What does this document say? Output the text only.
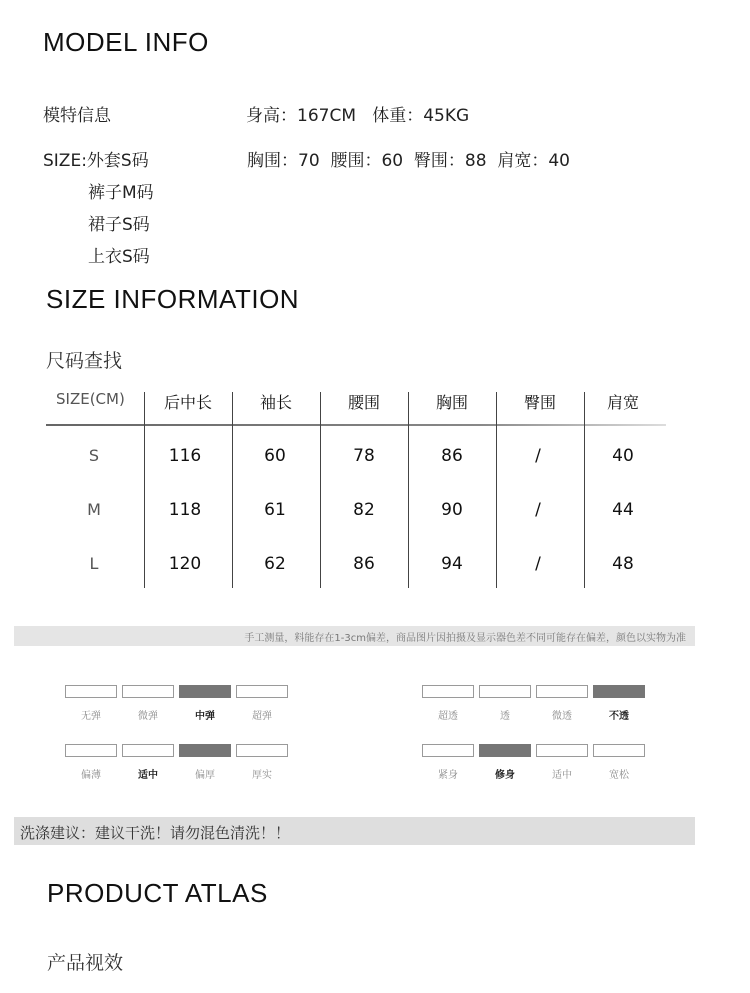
MODEL INFO
模特信息	身高：167CM   体重：45KG
SIZE:外套S码	胸围：70  腰围：60  臀围：88  肩宽：40
裤子M码
裙子S码
上衣S码
SIZE INFORMATION
尺码查找
SIZE(CM)	后中长	袖长	腰围	胸围	臀围	肩宽
S	116	60	78	86	/	40
M	118	61	82	90	/	44
L	120	62	86	94	/	48
手工测量，料能存在1-3cm偏差，商品图片因拍摄及显示器色差不同可能存在偏差，颜色以实物为准
无弹	微弹	中弹	超弹	超透	透	微透	不透
偏薄	适中	偏厚	厚实	紧身	修身	适中	宽松
洗涤建议：建议干洗！请勿混色清洗！！
PRODUCT ATLAS
产品视效
